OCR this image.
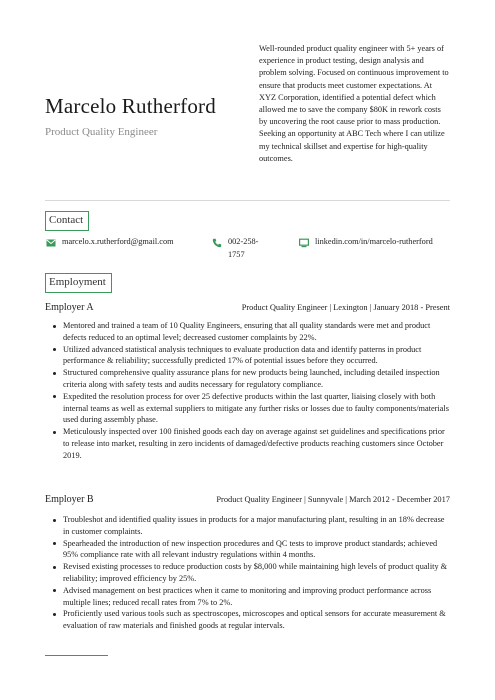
Marcelo Rutherford
Product Quality Engineer
Well-rounded product quality engineer with 5+ years of experience in product testing, design analysis and problem solving. Focused on continuous improvement to ensure that products meet customer expectations. At XYZ Corporation, identified a potential defect which allowed me to save the company $80K in rework costs by uncovering the root cause prior to mass production. Seeking an opportunity at ABC Tech where I can utilize my technical skillset and expertise for high-quality outcomes.
Contact
marcelo.x.rutherford@gmail.com	002-258-1757
linkedin.com/in/marcelo-rutherford
Employment
Employer A	Product Quality Engineer | Lexington | January 2018 - Present
Mentored and trained a team of 10 Quality Engineers, ensuring that all quality standards were met and product defects reduced to an optimal level; decreased customer complaints by 22%.
Utilized advanced statistical analysis techniques to evaluate production data and identify patterns in product performance & reliability; successfully predicted 17% of potential issues before they occurred.
Structured comprehensive quality assurance plans for new products being launched, including detailed inspection criteria along with safety tests and audits necessary for regulatory compliance.
Expedited the resolution process for over 25 defective products within the last quarter, liaising closely with both internal teams as well as external suppliers to mitigate any further risks or losses due to faulty components/materials used during assembly phase.
Meticulously inspected over 100 finished goods each day on average against set guidelines and specifications prior to release into market, resulting in zero incidents of damaged/defective products reaching customers since October 2019.
Employer B	Product Quality Engineer | Sunnyvale | March 2012 - December 2017
Troubleshot and identified quality issues in products for a major manufacturing plant, resulting in an 18% decrease in customer complaints.
Spearheaded the introduction of new inspection procedures and QC tests to improve product standards; achieved 95% compliance rate with all relevant industry regulations within 4 months.
Revised existing processes to reduce production costs by $8,000 while maintaining high levels of product quality & reliability; improved efficiency by 25%.
Advised management on best practices when it came to monitoring and improving product performance across multiple lines; reduced recall rates from 7% to 2%.
Proficiently used various tools such as spectroscopes, microscopes and optical sensors for accurate measurement & evaluation of raw materials and finished goods at regular intervals.
